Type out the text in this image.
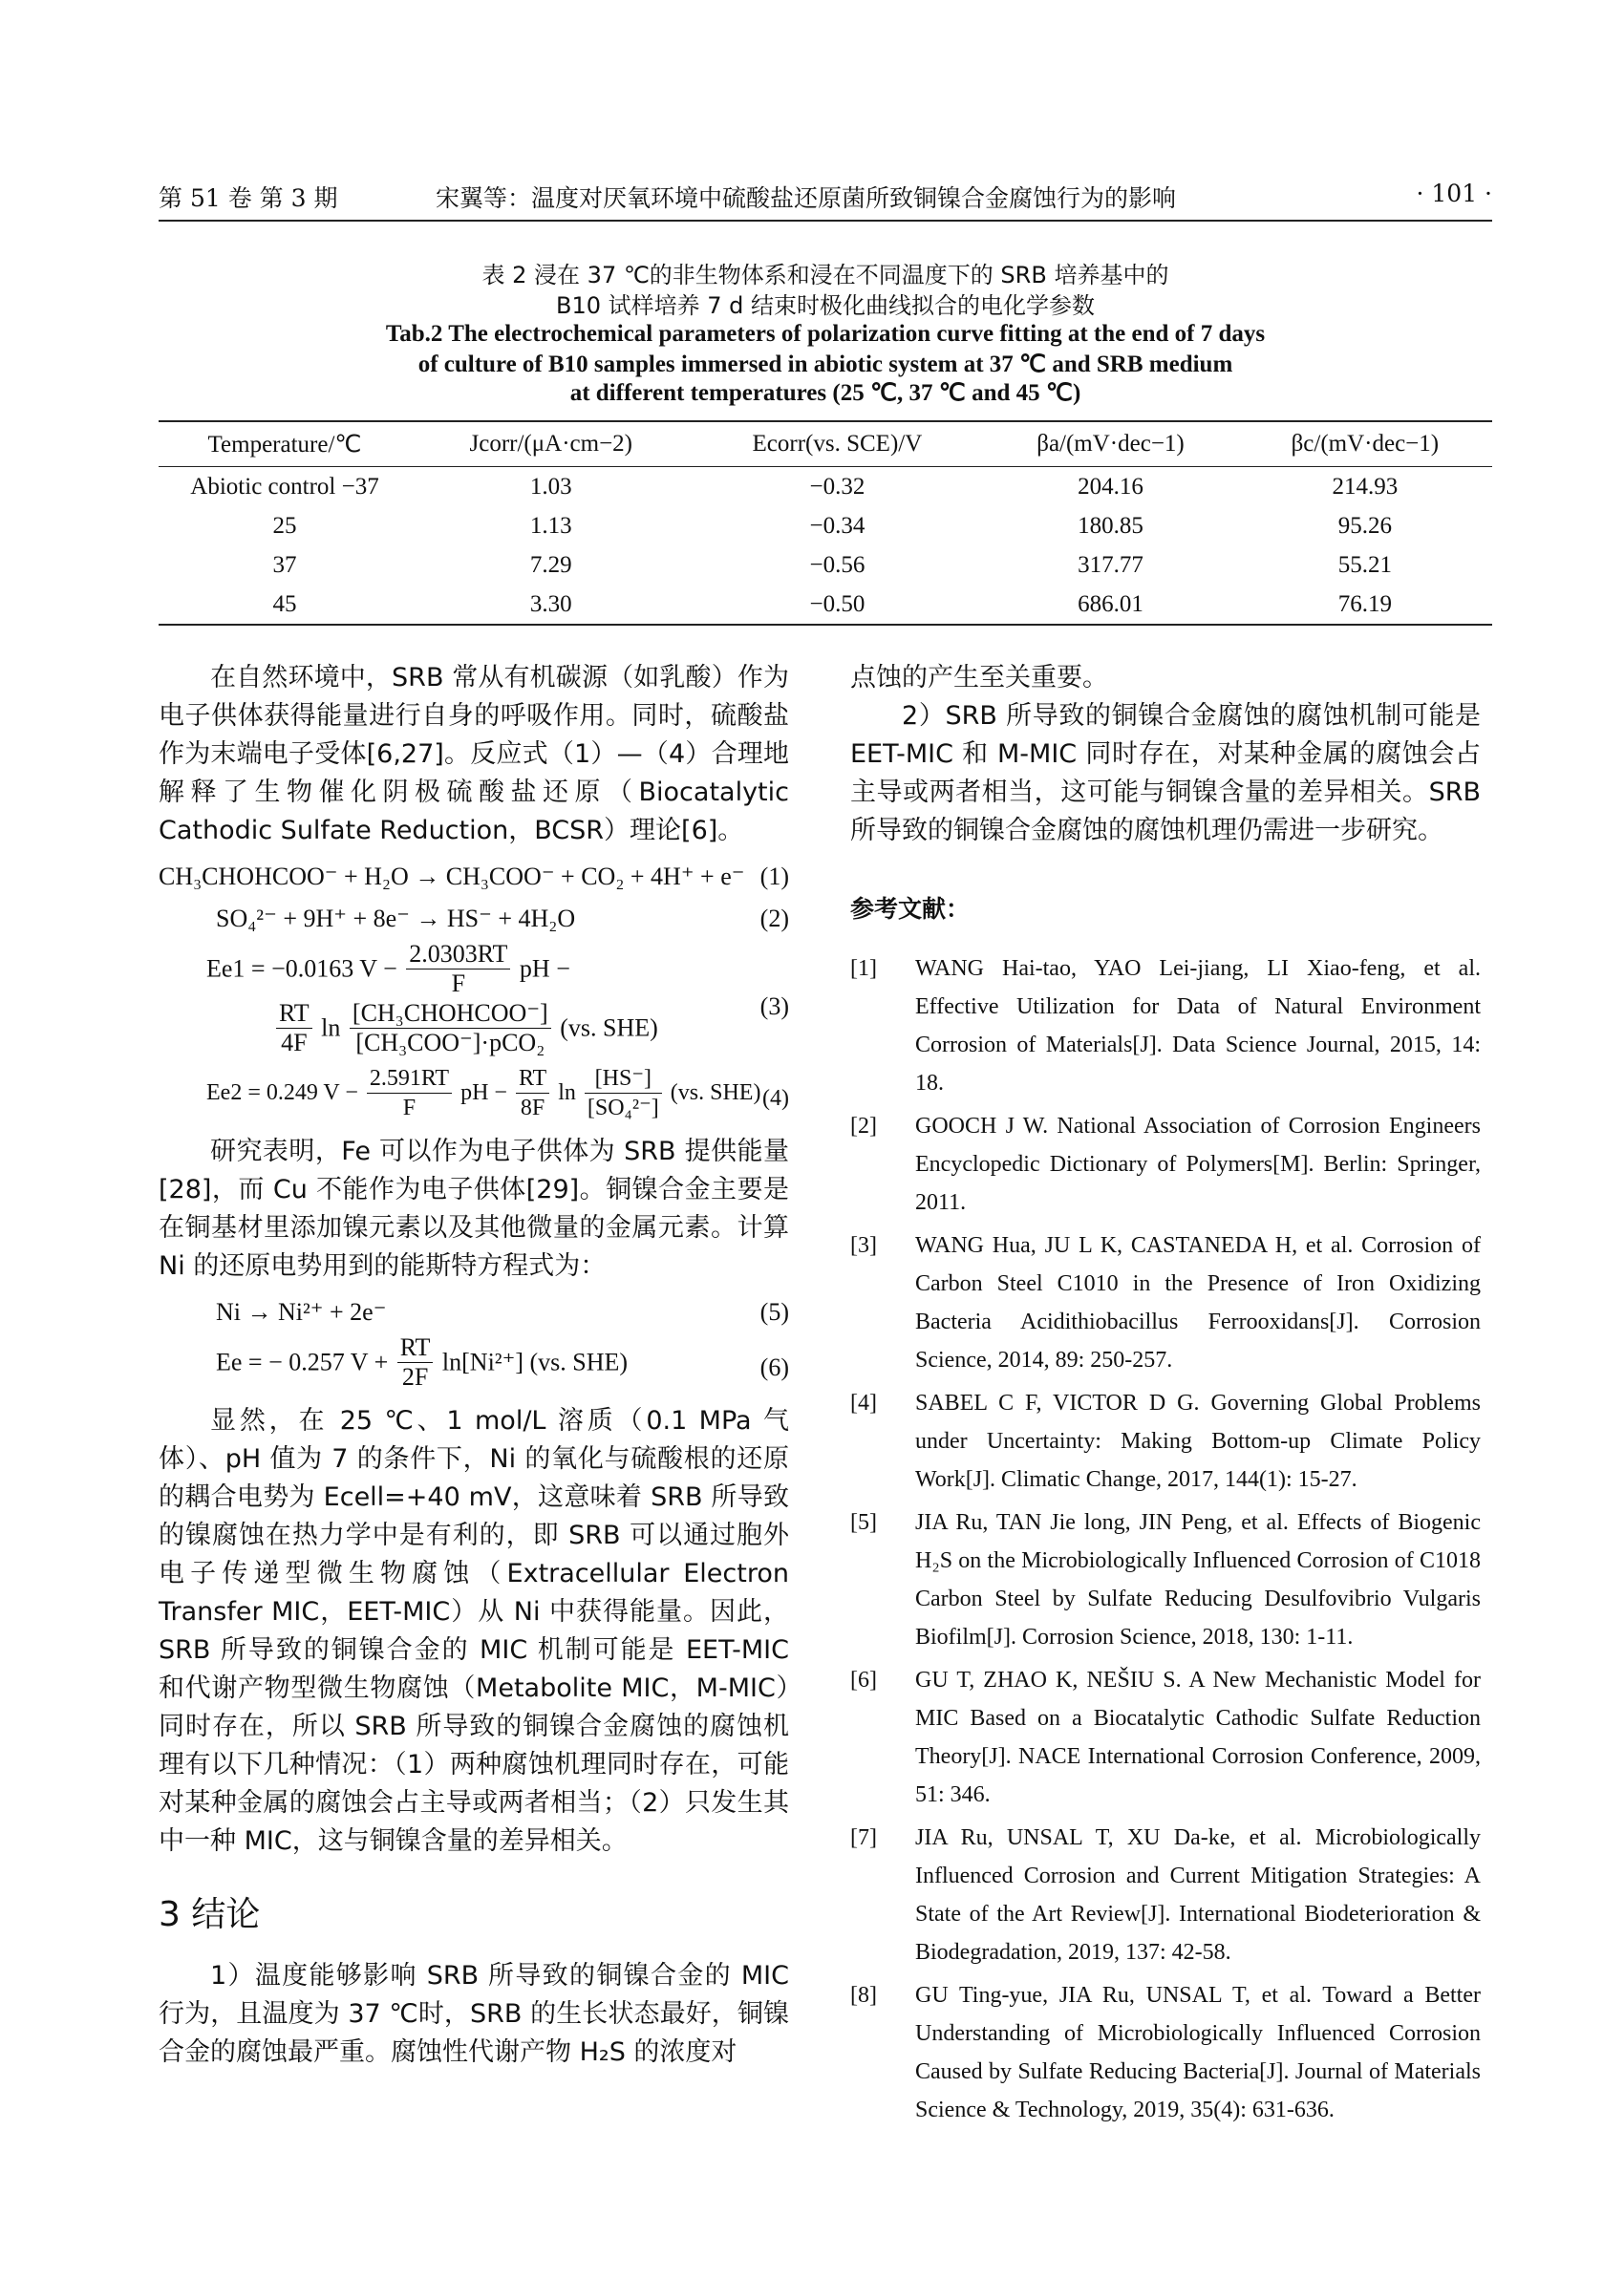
第 51 卷 第 3 期	宋翼等：温度对厌氧环境中硫酸盐还原菌所致铜镍合金腐蚀行为的影响	· 101 ·
表 2 浸在 37 ℃的非生物体系和浸在不同温度下的 SRB 培养基中的
B10 试样培养 7 d 结束时极化曲线拟合的电化学参数
Tab.2 The electrochemical parameters of polarization curve fitting at the end of 7 days
of culture of B10 samples immersed in abiotic system at 37 ℃ and SRB medium
at different temperatures (25 ℃, 37 ℃ and 45 ℃)
Temperature/℃	Jcorr/(μA·cm−2)	Ecorr(vs. SCE)/V	βa/(mV·dec−1)	βc/(mV·dec−1)
Abiotic control −37	1.03	−0.32	204.16	214.93
25	1.13	−0.34	180.85	95.26
37	7.29	−0.56	317.77	55.21
45	3.30	−0.50	686.01	76.19

在自然环境中，SRB 常从有机碳源（如乳酸）作为电子供体获得能量进行自身的呼吸作用。同时，硫酸盐作为末端电子受体[6,27]。反应式（1）—（4）合理地解释了生物催化阴极硫酸盐还原（Biocatalytic Cathodic Sulfate Reduction，BCSR）理论[6]。

CH₃CHOHCOO⁻ + H₂O → CH₃COO⁻ + CO₂ + 4H⁺ + e⁻ (1)
SO₄²⁻ + 9H⁺ + 8e⁻ → HS⁻ + 4H₂O	(2)
Ee1 = −0.0163 $V - \frac{2.0303RT}{F}$ pH −
$\frac{RT}{4F}$ $\ln \frac{\text{[CH₃CHOHCOO⁻]}}{\text{[CH₃COO⁻]·pCO₂}} (vs$. SHE)
(3)
Ee2 = 0.249 $V - \frac{2.591RT}{F}$ pH − $\frac{RT}{8F}$ $\ln \frac{[HS^-]}{\text{[SO₄²⁻]}} (vs$. SHE) (4)

研究表明，Fe 可以作为电子供体为 SRB 提供能量[28]，而 Cu 不能作为电子供体[29]。铜镍合金主要是在铜基材里添加镍元素以及其他微量的金属元素。计算 Ni 的还原电势用到的能斯特方程式为：

Ni → Ni²⁺ + 2e⁻	(5)
Ee = − 0.257 $V + \frac{RT}{2F} \ln[Ni^{2+}]$ (vs. SHE)	(6)

显然，在 25 ℃、1 mol/L 溶质（0.1 MPa 气体）、pH 值为 7 的条件下，Ni 的氧化与硫酸根的还原的耦合电势为 Ecell=+40 mV，这意味着 SRB 所导致的镍腐蚀在热力学中是有利的，即 SRB 可以通过胞外电子传递型微生物腐蚀（Extracellular Electron Transfer MIC，EET-MIC）从 Ni 中获得能量。因此，SRB 所导致的铜镍合金的 MIC 机制可能是 EET-MIC 和代谢产物型微生物腐蚀（Metabolite MIC，M-MIC）同时存在，所以 SRB 所导致的铜镍合金腐蚀的腐蚀机理有以下几种情况：（1）两种腐蚀机理同时存在，可能对某种金属的腐蚀会占主导或两者相当；（2）只发生其中一种 MIC，这与铜镍含量的差异相关。

3 结论

1）温度能够影响 SRB 所导致的铜镍合金的 MIC 行为，且温度为 37 ℃时，SRB 的生长状态最好，铜镍合金的腐蚀最严重。腐蚀性代谢产物 H₂S 的浓度对

点蚀的产生至关重要。

2）SRB 所导致的铜镍合金腐蚀的腐蚀机制可能是 EET-MIC 和 M-MIC 同时存在，对某种金属的腐蚀会占主导或两者相当，这可能与铜镍含量的差异相关。SRB 所导致的铜镍合金腐蚀的腐蚀机理仍需进一步研究。

参考文献：
[1] WANG Hai-tao, YAO Lei-jiang, LI Xiao-feng, et al. Effective Utilization for Data of Natural Environment Corrosion of Materials[J]. Data Science Journal, 2015, 14: 18.
[2] GOOCH J W. National Association of Corrosion Engineers Encyclopedic Dictionary of Polymers[M]. Berlin: Springer, 2011.
[3] WANG Hua, JU L K, CASTANEDA H, et al. Corrosion of Carbon Steel C1010 in the Presence of Iron Oxidizing Bacteria Acidithiobacillus Ferrooxidans[J]. Corrosion Science, 2014, 89: 250-257.
[4] SABEL C F, VICTOR D G. Governing Global Problems under Uncertainty: Making Bottom-up Climate Policy Work[J]. Climatic Change, 2017, 144(1): 15-27.
[5] JIA Ru, TAN Jie long, JIN Peng, et al. Effects of Biogenic H₂S on the Microbiologically Influenced Corrosion of C1018 Carbon Steel by Sulfate Reducing Desulfovibrio Vulgaris Biofilm[J]. Corrosion Science, 2018, 130: 1-11.
[6] GU T, ZHAO K, NEŠIU S. A New Mechanistic Model for MIC Based on a Biocatalytic Cathodic Sulfate Reduction Theory[J]. NACE International Corrosion Conference, 2009, 51: 346.
[7] JIA Ru, UNSAL T, XU Da-ke, et al. Microbiologically Influenced Corrosion and Current Mitigation Strategies: A State of the Art Review[J]. International Biodeterioration & Biodegradation, 2019, 137: 42-58.
[8] GU Ting-yue, JIA Ru, UNSAL T, et al. Toward a Better Understanding of Microbiologically Influenced Corrosion Caused by Sulfate Reducing Bacteria[J]. Journal of Materials Science & Technology, 2019, 35(4): 631-636.
